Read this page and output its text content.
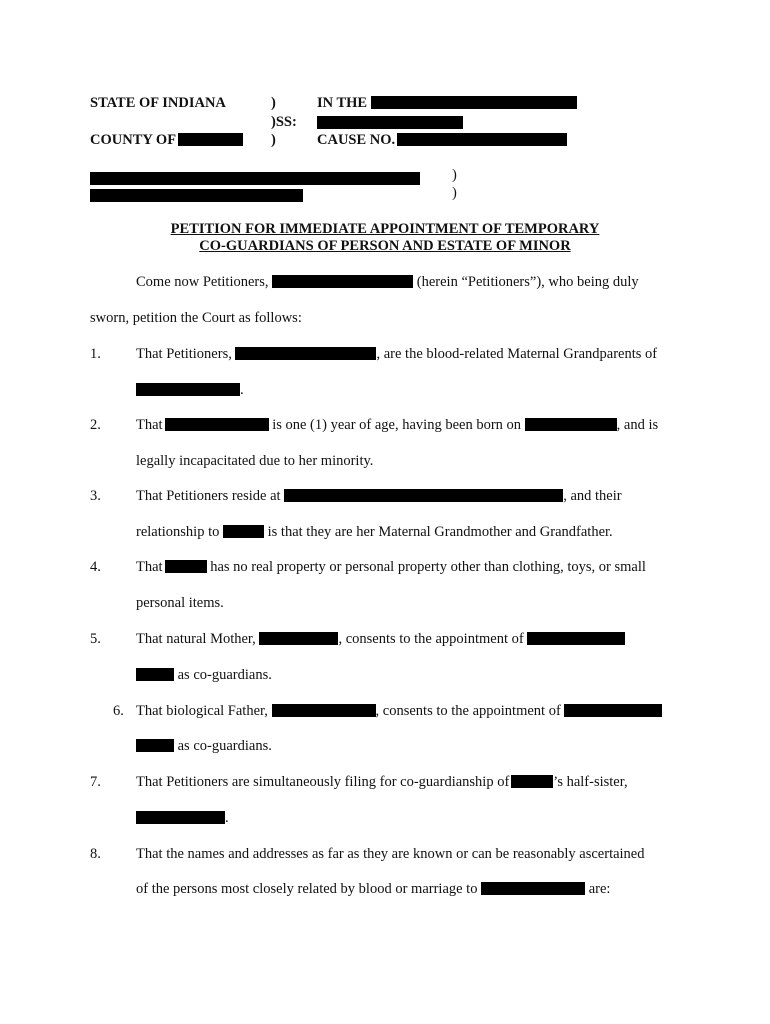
STATE OF INDIANA	)	IN THE
)SS:
COUNTY OF	)	CAUSE NO.
)
)
PETITION FOR IMMEDIATE APPOINTMENT OF TEMPORARY
CO-GUARDIANS OF PERSON AND ESTATE OF MINOR
Come now Petitioners,	(herein “Petitioners”), who being duly
sworn, petition the Court as follows:
1. That Petitioners,	, are the blood-related Maternal Grandparents of
.
2. That	is one (1) year of age, having been born on	, and is
legally incapacitated due to her minority.
3. That Petitioners reside at	, and their
relationship to	is that they are her Maternal Grandmother and Grandfather.
4. That	has no real property or personal property other than clothing, toys, or small
personal items.
5. That natural Mother,	, consents to the appointment of
as co-guardians.
6. That biological Father,	, consents to the appointment of
as co-guardians.
7. That Petitioners are simultaneously filing for co-guardianship of	’s half-sister,
.
8. That the names and addresses as far as they are known or can be reasonably ascertained
of the persons most closely related by blood or marriage to	are:
